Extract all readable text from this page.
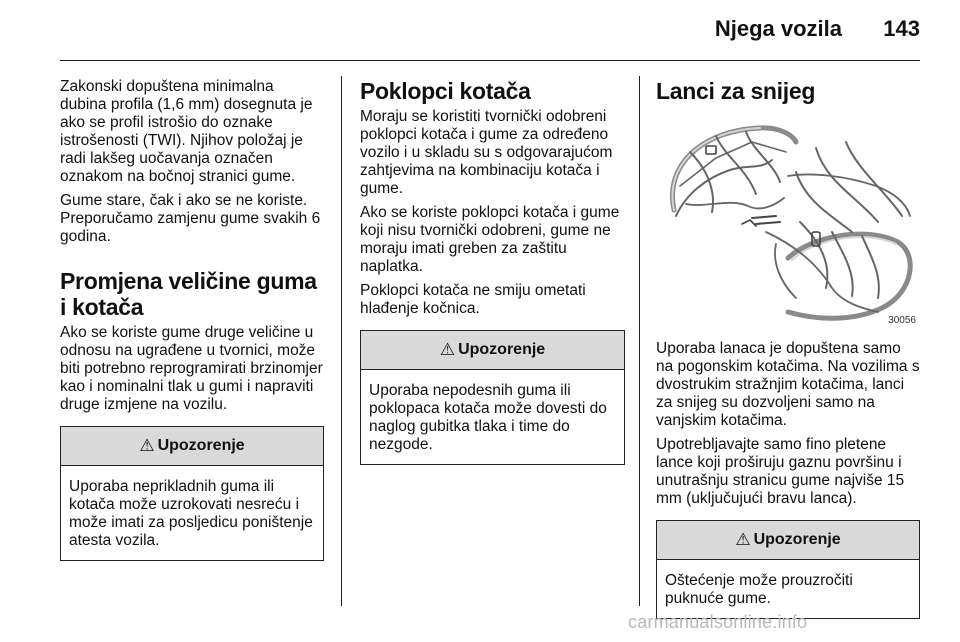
Njega vozila 143

Zakonski dopuštena minimalna dubina profila (1,6 mm) dosegnuta je ako se profil istrošio do oznake istrošenosti (TWI). Njihov položaj je radi lakšeg uočavanja označen oznakom na bočnoj stranici gume.

Gume stare, čak i ako se ne koriste. Preporučamo zamjenu gume svakih 6 godina.

Promjena veličine guma i kotača

Ako se koriste gume druge veličine u odnosu na ugrađene u tvornici, može biti potrebno reprogramirati brzinomjer kao i nominalni tlak u gumi i napraviti druge izmjene na vozilu.

⚠ Upozorenje
Uporaba neprikladnih guma ili kotača može uzrokovati nesreću i može imati za posljedicu poništenje atesta vozila.
Poklopci kotača

Moraju se koristiti tvornički odobreni poklopci kotača i gume za određeno vozilo i u skladu su s odgovarajućom zahtjevima na kombinaciju kotača i gume.

Ako se koriste poklopci kotača i gume koji nisu tvornički odobreni, gume ne moraju imati greben za zaštitu naplatka.

Poklopci kotača ne smiju ometati hlađenje kočnica.

⚠ Upozorenje
Uporaba nepodesnih guma ili poklopaca kotača može dovesti do naglog gubitka tlaka i time do nezgode.
Lanci za snijeg
30056

Uporaba lanaca je dopuštena samo na pogonskim kotačima. Na vozilima s dvostrukim stražnjim kotačima, lanci za snijeg su dozvoljeni samo na vanjskim kotačima.

Upotrebljavajte samo fino pletene lance koji proširuju gaznu površinu i unutrašnju stranicu gume najviše 15 mm (uključujući bravu lanca).

⚠ Upozorenje
Oštećenje može prouzročiti puknuće gume.
carmanualsonline.info
